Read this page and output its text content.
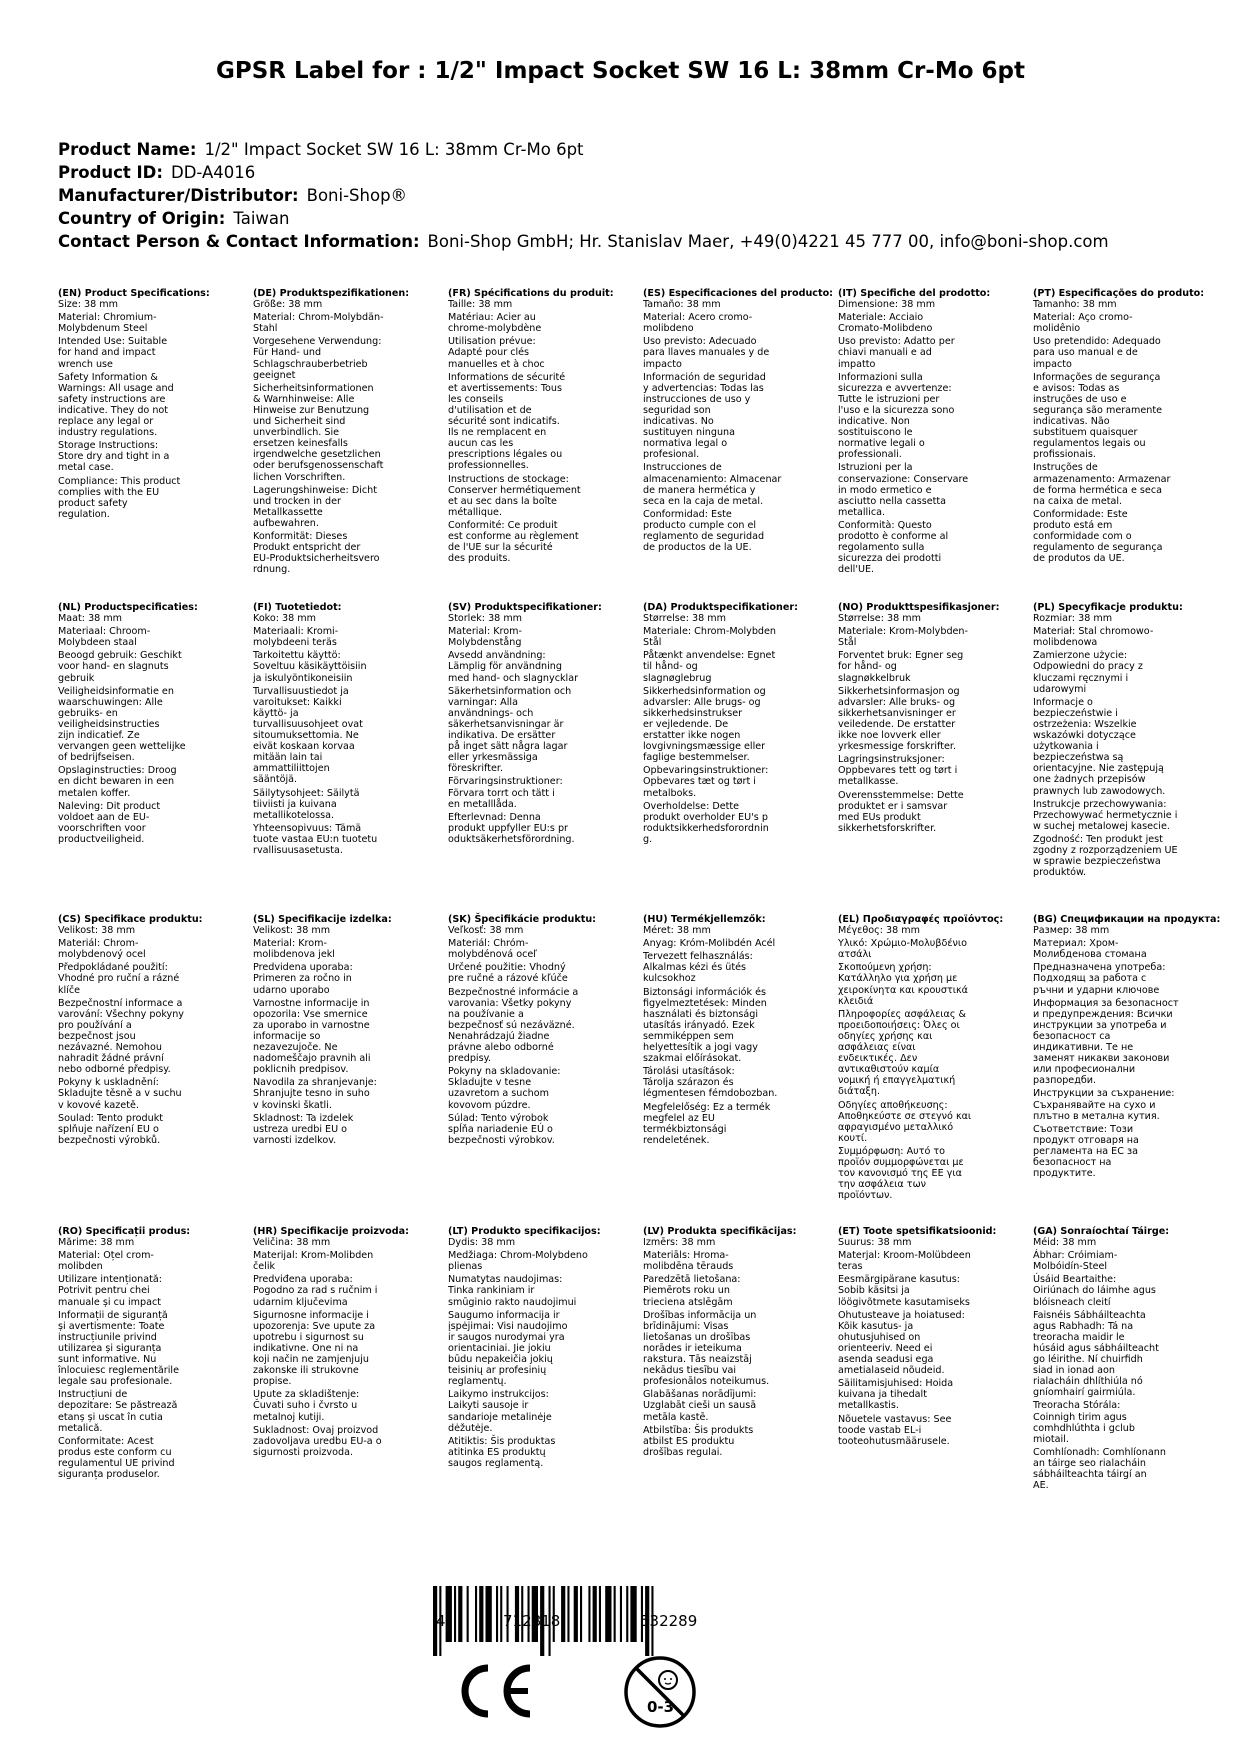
GPSR Label for : 1/2" Impact Socket SW 16 L: 38mm Cr-Mo 6pt
Product Name: 1/2" Impact Socket SW 16 L: 38mm Cr-Mo 6pt
Product ID: DD-A4016
Manufacturer/Distributor: Boni-Shop®
Country of Origin: Taiwan
Contact Person & Contact Information: Boni-Shop GmbH; Hr. Stanislav Maer, +49(0)4221 45 777 00, info@boni-shop.com
(EN) Product Specifications:

Size: 38 mm

Material: Chromium-
Molybdenum Steel

Intended Use: Suitable
for hand and impact
wrench use

Safety Information &
Warnings: All usage and
safety instructions are
indicative. They do not
replace any legal or
industry regulations.

Storage Instructions:
Store dry and tight in a
metal case.

Compliance: This product
complies with the EU
product safety
regulation.

(DE) Produktspezifikationen:

Größe: 38 mm

Material: Chrom-Molybdän-
Stahl

Vorgesehene Verwendung:
Für Hand- und
Schlagschrauberbetrieb
geeignet

Sicherheitsinformationen
& Warnhinweise: Alle
Hinweise zur Benutzung
und Sicherheit sind
unverbindlich. Sie
ersetzen keinesfalls
irgendwelche gesetzlichen
oder berufsgenossenschaft
lichen Vorschriften.

Lagerungshinweise: Dicht
und trocken in der
Metallkassette
aufbewahren.

Konformität: Dieses
Produkt entspricht der
EU-Produktsicherheitsvero
rdnung.

(FR) Spécifications du produit:

Taille: 38 mm

Matériau: Acier au
chrome-molybdène

Utilisation prévue:
Adapté pour clés
manuelles et à choc

Informations de sécurité
et avertissements: Tous
les conseils
d'utilisation et de
sécurité sont indicatifs.
Ils ne remplacent en
aucun cas les
prescriptions légales ou
professionnelles.

Instructions de stockage:
Conserver hermétiquement
et au sec dans la boîte
métallique.

Conformité: Ce produit
est conforme au règlement
de l'UE sur la sécurité
des produits.

(ES) Especificaciones del producto:

Tamaño: 38 mm

Material: Acero cromo-
molibdeno

Uso previsto: Adecuado
para llaves manuales y de
impacto

Información de seguridad
y advertencias: Todas las
instrucciones de uso y
seguridad son
indicativas. No
sustituyen ninguna
normativa legal o
profesional.

Instrucciones de
almacenamiento: Almacenar
de manera hermética y
seca en la caja de metal.

Conformidad: Este
producto cumple con el
reglamento de seguridad
de productos de la UE.

(IT) Specifiche del prodotto:

Dimensione: 38 mm

Materiale: Acciaio
Cromato-Molibdeno

Uso previsto: Adatto per
chiavi manuali e ad
impatto

Informazioni sulla
sicurezza e avvertenze:
Tutte le istruzioni per
l'uso e la sicurezza sono
indicative. Non
sostituiscono le
normative legali o
professionali.

Istruzioni per la
conservazione: Conservare
in modo ermetico e
asciutto nella cassetta
metallica.

Conformità: Questo
prodotto è conforme al
regolamento sulla
sicurezza dei prodotti
dell'UE.

(PT) Especificações do produto:

Tamanho: 38 mm

Material: Aço cromo-
molidênio

Uso pretendido: Adequado
para uso manual e de
impacto

Informações de segurança
e avisos: Todas as
instruções de uso e
segurança são meramente
indicativas. Não
substituem quaisquer
regulamentos legais ou
profissionais.

Instruções de
armazenamento: Armazenar
de forma hermética e seca
na caixa de metal.

Conformidade: Este
produto está em
conformidade com o
regulamento de segurança
de produtos da UE.

(NL) Productspecificaties:

Maat: 38 mm

Materiaal: Chroom-
Molybdeen staal

Beoogd gebruik: Geschikt
voor hand- en slagnuts
gebruik

Veiligheidsinformatie en
waarschuwingen: Alle
gebruiks- en
veiligheidsinstructies
zijn indicatief. Ze
vervangen geen wettelijke
of bedrijfseisen.

Opslaginstructies: Droog
en dicht bewaren in een
metalen koffer.

Naleving: Dit product
voldoet aan de EU-
voorschriften voor
productveiligheid.

(FI) Tuotetiedot:

Koko: 38 mm

Materiaali: Kromi-
molybdeeni teräs

Tarkoitettu käyttö:
Soveltuu käsikäyttöisiin
ja iskulyöntikoneisiin

Turvallisuustiedot ja
varoitukset: Kaikki
käyttö- ja
turvallisuusohjeet ovat
sitoumuksettomia. Ne
eivät koskaan korvaa
mitään lain tai
ammattiliittojen
sääntöjä.

Säilytysohjeet: Säilytä
tiiviisti ja kuivana
metallikotelossa.

Yhteensopivuus: Tämä
tuote vastaa EU:n tuotetu
rvallisuusasetusta.

(SV) Produktspecifikationer:

Storlek: 38 mm

Material: Krom-
Molybdenstång

Avsedd användning:
Lämplig för användning
med hand- och slagnycklar

Säkerhetsinformation och
varningar: Alla
användnings- och
säkerhetsanvisningar är
indikativa. De ersätter
på inget sätt några lagar
eller yrkesmässiga
föreskrifter.

Förvaringsinstruktioner:
Förvara torrt och tätt i
en metalllåda.

Efterlevnad: Denna
produkt uppfyller EU:s pr
oduktsäkerhetsförordning.

(DA) Produktspecifikationer:

Størrelse: 38 mm

Materiale: Chrom-Molybden
Stål

Påtænkt anvendelse: Egnet
til hånd- og
slagnøglebrug

Sikkerhedsinformation og
advarsler: Alle brugs- og
sikkerhedsinstrukser
er vejledende. De
erstatter ikke nogen
lovgivningsmæssige eller
faglige bestemmelser.

Opbevaringsinstruktioner:
Opbevares tæt og tørt i
metalboks.

Overholdelse: Dette
produkt overholder EU's p
roduktsikkerhedsforordnin
g.

(NO) Produkttspesifikasjoner:

Størrelse: 38 mm

Materiale: Krom-Molybden-
Stål

Forventet bruk: Egner seg
for hånd- og
slagnøkkelbruk

Sikkerhetsinformasjon og
advarsler: Alle bruks- og
sikkerhetsanvisninger er
veiledende. De erstatter
ikke noe lovverk eller
yrkesmessige forskrifter.

Lagringsinstruksjoner:
Oppbevares tett og tørt i
metallkasse.

Overensstemmelse: Dette
produktet er i samsvar
med EUs produkt
sikkerhetsforskrifter.

(PL) Specyfikacje produktu:

Rozmiar: 38 mm

Materiał: Stal chromowo-
molibdenowa

Zamierzone użycie:
Odpowiedni do pracy z
kluczami ręcznymi i
udarowymi

Informacje o
bezpieczeństwie i
ostrzeżenia: Wszelkie
wskazówki dotyczące
użytkowania i
bezpieczeństwa są
orientacyjne. Nie zastępują
one żadnych przepisów
prawnych lub zawodowych.

Instrukcje przechowywania:
Przechowywać hermetycznie i
w suchej metalowej kasecie.

Zgodność: Ten produkt jest
zgodny z rozporządzeniem UE
w sprawie bezpieczeństwa
produktów.

(CS) Specifikace produktu:

Velikost: 38 mm

Materiál: Chrom-
molybdenový ocel

Předpokládané použití:
Vhodné pro ruční a rázné
klíče

Bezpečnostní informace a
varování: Všechny pokyny
pro používání a
bezpečnost jsou
nezávazné. Nemohou
nahradit žádné právní
nebo odborné předpisy.

Pokyny k uskladnění:
Skladujte těsně a v suchu
v kovové kazetě.

Soulad: Tento produkt
splňuje nařízení EU o
bezpečnosti výrobků.

(SL) Specifikacije izdelka:

Velikost: 38 mm

Material: Krom-
molibdenova jekl

Predvidena uporaba:
Primeren za ročno in
udarno uporabo

Varnostne informacije in
opozorila: Vse smernice
za uporabo in varnostne
informacije so
nezavezujoče. Ne
nadomeščajo pravnih ali
poklicnih predpisov.

Navodila za shranjevanje:
Shranjujte tesno in suho
v kovinski škatli.

Skladnost: Ta izdelek
ustreza uredbi EU o
varnosti izdelkov.

(SK) Špecifikácie produktu:

Veľkosť: 38 mm

Materiál: Chróm-
molybdénová oceľ

Určené použitie: Vhodný
pre ručné a rázové kľúče

Bezpečnostné informácie a
varovania: Všetky pokyny
na používanie a
bezpečnosť sú nezáväzné.
Nenahrádzajú žiadne
právne alebo odborné
predpisy.

Pokyny na skladovanie:
Skladujte v tesne
uzavretom a suchom
kovovom púzdre.

Súlad: Tento výrobok
spĺňa nariadenie EÚ o
bezpečnosti výrobkov.

(HU) Termékjellemzők:

Méret: 38 mm

Anyag: Króm-Molibdén Acél

Tervezett felhasználás:
Alkalmas kézi és ütés
kulcsokhoz

Biztonsági információk és
figyelmeztetések: Minden
használati és biztonsági
utasítás irányadó. Ezek
semmiképpen sem
helyettesítik a jogi vagy
szakmai előírásokat.

Tárolási utasítások:
Tárolja szárazon és
légmentesen fémdobozban.

Megfelelőség: Ez a termék
megfelel az EU
termékbiztonsági
rendeletének.

(EL) Προδιαγραφές προϊόντος:

Μέγεθος: 38 mm

Υλικό: Χρώμιο-Μολυβδένιο
ατσάλι

Σκοπούμενη χρήση:
Κατάλληλο για χρήση με
χειροκίνητα και κρουστικά
κλειδιά

Πληροφορίες ασφάλειας &
προειδοποιήσεις: Όλες οι
οδηγίες χρήσης και
ασφάλειας είναι
ενδεικτικές. Δεν
αντικαθιστούν καμία
νομική ή επαγγελματική
διάταξη.

Οδηγίες αποθήκευσης:
Αποθηκεύστε σε στεγνό και
αφραγισμένο μεταλλικό
κουτί.

Συμμόρφωση: Αυτό το
προϊόν συμμορφώνεται με
τον κανονισμό της ΕΕ για
την ασφάλεια των
προϊόντων.

(BG) Спецификации на продукта:

Размер: 38 mm

Материал: Хром-
Молибденова стомана

Предназначена употреба:
Подходящ за работа с
ръчни и ударни ключове

Информация за безопасност
и предупреждения: Всички
инструкции за употреба и
безопасност са
индикативни. Те не
заменят никакви законови
или професионални
разпоредби.

Инструкции за съхранение:
Съхранявайте на сухо и
плътно в метална кутия.

Съответствие: Този
продукт отговаря на
регламента на ЕС за
безопасност на
продуктите.

(RO) Specificații produs:

Mărime: 38 mm

Material: Oțel crom-
molibden

Utilizare intenționată:
Potrivit pentru chei
manuale și cu impact

Informații de siguranță
și avertismente: Toate
instrucțiunile privind
utilizarea și siguranța
sunt informative. Nu
înlocuiesc reglementările
legale sau profesionale.

Instrucțiuni de
depozitare: Se păstrează
etanș și uscat în cutia
metalică.

Conformitate: Acest
produs este conform cu
regulamentul UE privind
siguranța produselor.

(HR) Specifikacije proizvoda:

Veličina: 38 mm

Materijal: Krom-Molibden
čelik

Predviđena uporaba:
Pogodno za rad s ručnim i
udarnim ključevima

Sigurnosne informacije i
upozorenja: Sve upute za
upotrebu i sigurnost su
indikativne. One ni na
koji način ne zamjenjuju
zakonske ili strukovne
propise.

Upute za skladištenje:
Čuvati suho i čvrsto u
metalnoj kutiji.

Sukladnost: Ovaj proizvod
zadovoljava uredbu EU-a o
sigurnosti proizvoda.

(LT) Produkto specifikacijos:

Dydis: 38 mm

Medžiaga: Chrom-Molybdeno
plienas

Numatytas naudojimas:
Tinka rankiniam ir
smūginio rakto naudojimui

Saugumo informacija ir
įspėjimai: Visi naudojimo
ir saugos nurodymai yra
orientaciniai. Jie jokiu
būdu nepakeičia jokių
teisinių ar profesinių
reglamentų.

Laikymo instrukcijos:
Laikyti sausoje ir
sandarioje metalinėje
dėžutėje.

Atitiktis: Šis produktas
atitinka ES produktų
saugos reglamentą.

(LV) Produkta specifikācijas:

Izmērs: 38 mm

Materiāls: Hroma-
molibdēna tērauds

Paredzētā lietošana:
Piemērots roku un
trieciena atslēgām

Drošības informācija un
brīdinājumi: Visas
lietošanas un drošības
norādes ir ieteikuma
rakstura. Tās neaizstāj
nekādus tiesību vai
profesionālos noteikumus.

Glabāšanas norādījumi:
Uzglabāt cieši un sausā
metāla kastē.

Atbilstība: Šis produkts
atbilst ES produktu
drošības regulai.

(ET) Toote spetsifikatsioonid:

Suurus: 38 mm

Materjal: Kroom-Molübdeen
teras

Eesmärgipärane kasutus:
Sobib käsitsi ja
löögivõtmete kasutamiseks

Ohutusteave ja hoiatused:
Kõik kasutus- ja
ohutusjuhised on
orienteeriv. Need ei
asenda seadusi ega
ametialaseid nõudeid.

Säilitamisjuhised: Hoida
kuivana ja tihedalt
metallkastis.

Nõuetele vastavus: See
toode vastab EL-i
tooteohutusmäärusele.

(GA) Sonraíochtaí Táirge:

Méid: 38 mm

Ábhar: Cróimiam-
Molbóidín-Steel

Úsáid Beartaithe:
Oiriúnach do láimhe agus
blóisneach cleití

Faisnéis Sábháilteachta
agus Rabhadh: Tá na
treoracha maidir le
húsáid agus sábháilteacht
go léirithe. Ní chuirfidh
siad in ionad aon
rialacháin dhlíthiúla nó
gníomhairí gairmiúla.

Treoracha Stórála:
Coinnigh tirim agus
comhdhlúthta i gclub
miotail.

Comhlíonadh: Comhlíonann
an táirge seo rialacháin
sábháilteachta táirgí an
AE.

4	712818	532289
0-3
